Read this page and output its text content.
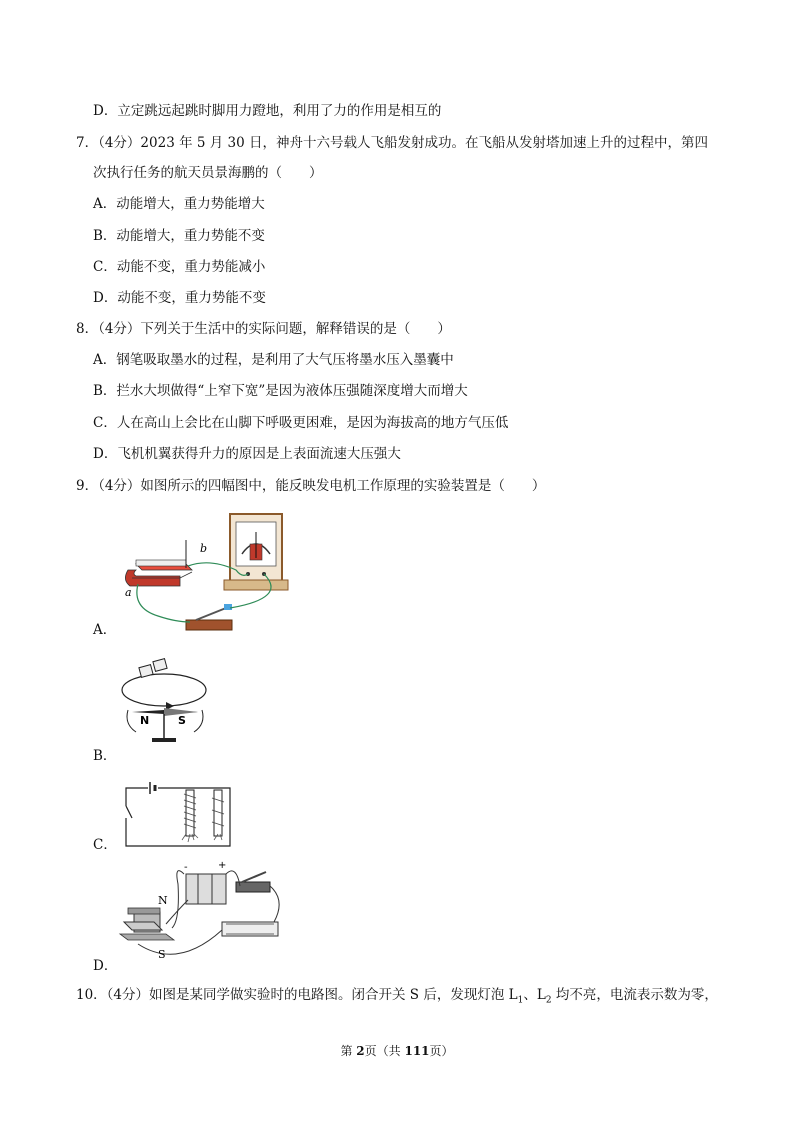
D．立定跳远起跳时脚用力蹬地，利用了力的作用是相互的
7．（4分）2023 年 5 月 30 日，神舟十六号载人飞船发射成功。在飞船从发射塔加速上升的过程中，第四
次执行任务的航天员景海鹏的（　　）
A．动能增大，重力势能增大
B．动能增大，重力势能不变
C．动能不变，重力势能减小
D．动能不变，重力势能不变
8．（4分）下列关于生活中的实际问题，解释错误的是（　　）
A．钢笔吸取墨水的过程，是利用了大气压将墨水压入墨囊中
B．拦水大坝做得“上窄下宽”是因为液体压强随深度增大而增大
C．人在高山上会比在山脚下呼吸更困难，是因为海拔高的地方气压低
D．飞机机翼获得升力的原因是上表面流速大压强大
9．（4分）如图所示的四幅图中，能反映发电机工作原理的实验装置是（　　）
a
b
A．
N	S
B．
C．
-	+
N
S
D．
10．（4分）如图是某同学做实验时的电路图。闭合开关 S 后，发现灯泡 $L_1$、$L_2$ 均不亮，电流表示数为零，
第 2页（共 111页）
